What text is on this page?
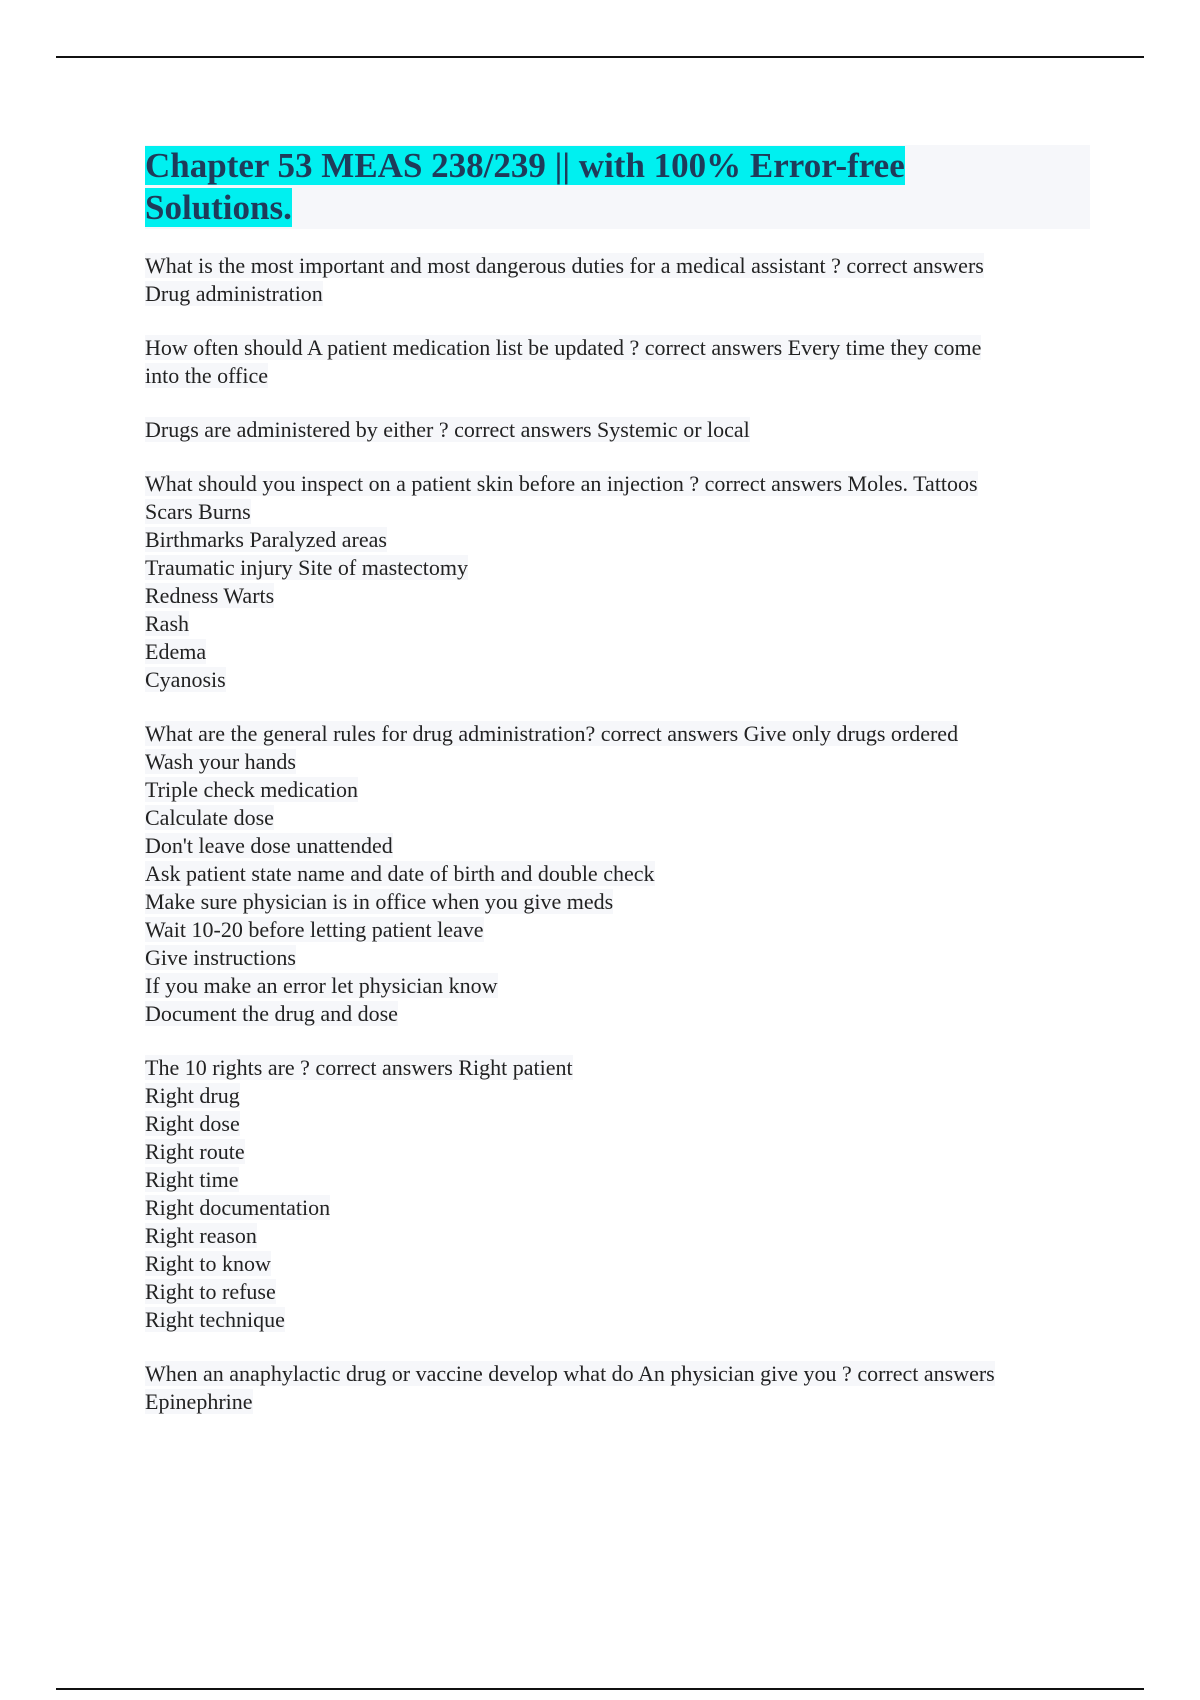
Chapter 53 MEAS 238/239 || with 100% Error-free
Solutions.
What is the most important and most dangerous duties for a medical assistant ? correct answers
Drug administration
How often should A patient medication list be updated ? correct answers Every time they come
into the office
Drugs are administered by either ? correct answers Systemic or local
What should you inspect on a patient skin before an injection ? correct answers Moles. Tattoos
Scars Burns
Birthmarks Paralyzed areas
Traumatic injury Site of mastectomy
Redness Warts
Rash
Edema
Cyanosis
What are the general rules for drug administration? correct answers Give only drugs ordered
Wash your hands
Triple check medication
Calculate dose
Don't leave dose unattended
Ask patient state name and date of birth and double check
Make sure physician is in office when you give meds
Wait 10-20 before letting patient leave
Give instructions
If you make an error let physician know
Document the drug and dose
The 10 rights are ? correct answers Right patient
Right drug
Right dose
Right route
Right time
Right documentation
Right reason
Right to know
Right to refuse
Right technique
When an anaphylactic drug or vaccine develop what do An physician give you ? correct answers
Epinephrine
